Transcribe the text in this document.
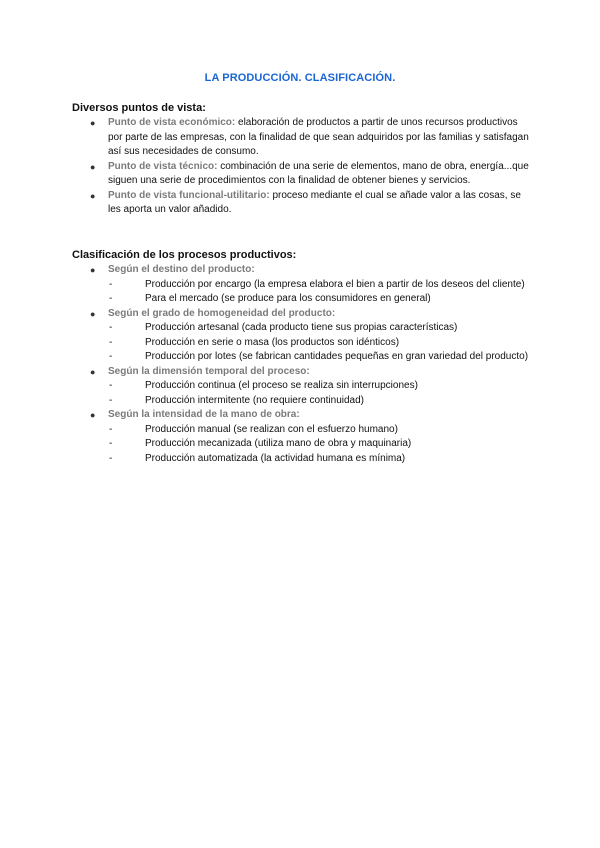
LA PRODUCCIÓN. CLASIFICACIÓN.
Diversos puntos de vista:
● Punto de vista económico: elaboración de productos a partir de unos recursos productivos por parte de las empresas, con la finalidad de que sean adquiridos por las familias y satisfagan así sus necesidades de consumo.
● Punto de vista técnico: combinación de una serie de elementos, mano de obra, energía...que siguen una serie de procedimientos con la finalidad de obtener bienes y servicios.
● Punto de vista funcional-utilitario: proceso mediante el cual se añade valor a las cosas, se les aporta un valor añadido.
Clasificación de los procesos productivos:
● Según el destino del producto:
-	Producción por encargo (la empresa elabora el bien a partir de los deseos del cliente)
-	Para el mercado (se produce para los consumidores en general)
● Según el grado de homogeneidad del producto:
-	Producción artesanal (cada producto tiene sus propias características)
-	Producción en serie o masa (los productos son idénticos)
-	Producción por lotes (se fabrican cantidades pequeñas en gran variedad del producto)
● Según la dimensión temporal del proceso:
-	Producción continua (el proceso se realiza sin interrupciones)
-	Producción intermitente (no requiere continuidad)
● Según la intensidad de la mano de obra:
-	Producción manual (se realizan con el esfuerzo humano)
-	Producción mecanizada (utiliza mano de obra y maquinaria)
-	Producción automatizada (la actividad humana es mínima)
